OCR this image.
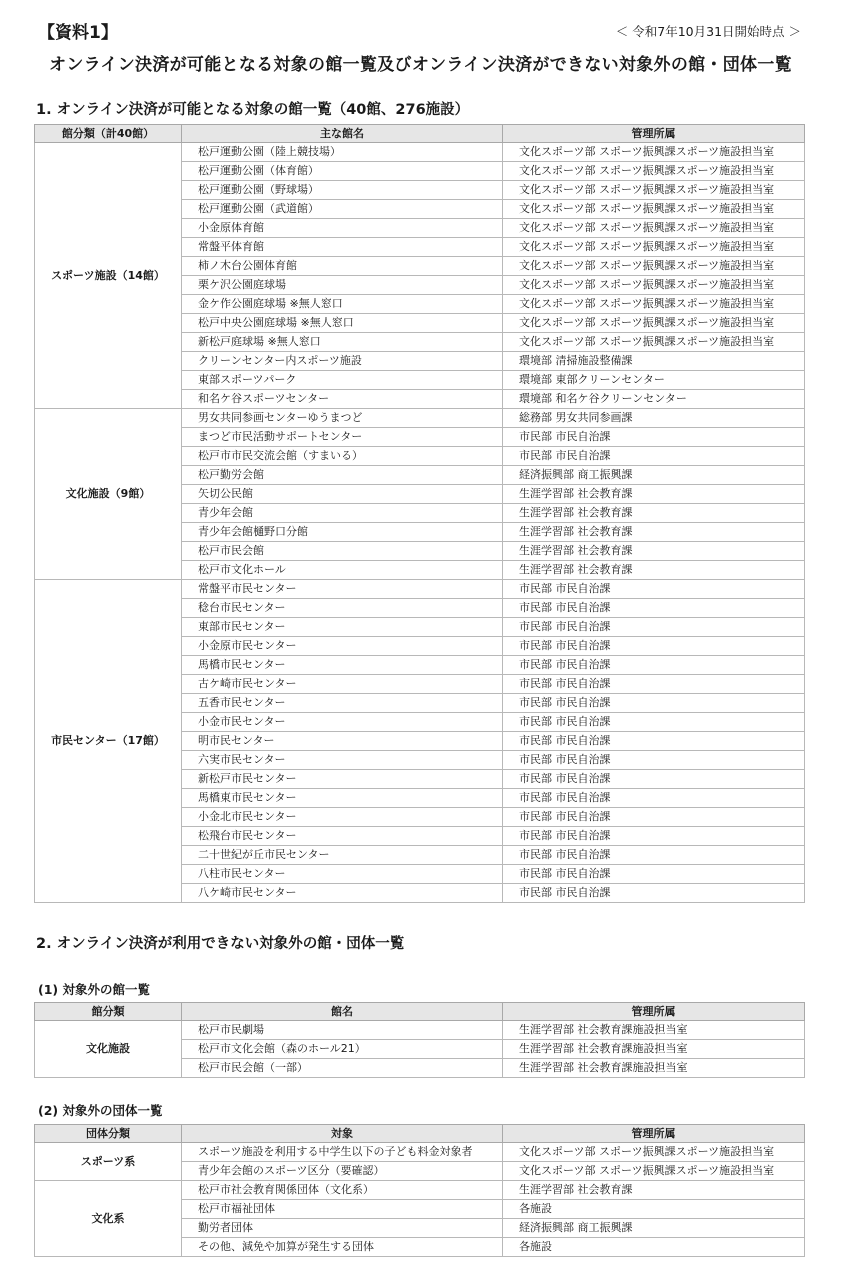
【資料1】	＜ 令和7年10月31日開始時点 ＞
オンライン決済が可能となる対象の館一覧及びオンライン決済ができない対象外の館・団体一覧
1. オンライン決済が可能となる対象の館一覧（40館、276施設）
館分類（計40館）	主な館名	管理所属
スポーツ施設（14館）	松戸運動公園（陸上競技場）	文化スポーツ部 スポーツ振興課スポーツ施設担当室
	松戸運動公園（体育館）	文化スポーツ部 スポーツ振興課スポーツ施設担当室
	松戸運動公園（野球場）	文化スポーツ部 スポーツ振興課スポーツ施設担当室
	松戸運動公園（武道館）	文化スポーツ部 スポーツ振興課スポーツ施設担当室
	小金原体育館	文化スポーツ部 スポーツ振興課スポーツ施設担当室
	常盤平体育館	文化スポーツ部 スポーツ振興課スポーツ施設担当室
	柿ノ木台公園体育館	文化スポーツ部 スポーツ振興課スポーツ施設担当室
	栗ケ沢公園庭球場	文化スポーツ部 スポーツ振興課スポーツ施設担当室
	金ケ作公園庭球場 ※無人窓口	文化スポーツ部 スポーツ振興課スポーツ施設担当室
	松戸中央公園庭球場 ※無人窓口	文化スポーツ部 スポーツ振興課スポーツ施設担当室
	新松戸庭球場 ※無人窓口	文化スポーツ部 スポーツ振興課スポーツ施設担当室
	クリーンセンター内スポーツ施設	環境部 清掃施設整備課
	東部スポーツパーク	環境部 東部クリーンセンター
	和名ケ谷スポーツセンター	環境部 和名ケ谷クリーンセンター
文化施設（9館）	男女共同参画センターゆうまつど	総務部 男女共同参画課
	まつど市民活動サポートセンター	市民部 市民自治課
	松戸市市民交流会館（すまいる）	市民部 市民自治課
	松戸勤労会館	経済振興部 商工振興課
	矢切公民館	生涯学習部 社会教育課
	青少年会館	生涯学習部 社会教育課
	青少年会館樋野口分館	生涯学習部 社会教育課
	松戸市民会館	生涯学習部 社会教育課
	松戸市文化ホール	生涯学習部 社会教育課
市民センター（17館）	常盤平市民センター	市民部 市民自治課
	稔台市民センター	市民部 市民自治課
	東部市民センター	市民部 市民自治課
	小金原市民センター	市民部 市民自治課
	馬橋市民センター	市民部 市民自治課
	古ケ崎市民センター	市民部 市民自治課
	五香市民センター	市民部 市民自治課
	小金市民センター	市民部 市民自治課
	明市民センター	市民部 市民自治課
	六実市民センター	市民部 市民自治課
	新松戸市民センター	市民部 市民自治課
	馬橋東市民センター	市民部 市民自治課
	小金北市民センター	市民部 市民自治課
	松飛台市民センター	市民部 市民自治課
	二十世紀が丘市民センター	市民部 市民自治課
	八柱市民センター	市民部 市民自治課
	八ケ崎市民センター	市民部 市民自治課
2. オンライン決済が利用できない対象外の館・団体一覧
(1) 対象外の館一覧
館分類	館名	管理所属
文化施設	松戸市民劇場	生涯学習部 社会教育課施設担当室
	松戸市文化会館（森のホール21）	生涯学習部 社会教育課施設担当室
	松戸市民会館（一部）	生涯学習部 社会教育課施設担当室
(2) 対象外の団体一覧
団体分類	対象	管理所属
スポーツ系	スポーツ施設を利用する中学生以下の子ども料金対象者	文化スポーツ部 スポーツ振興課スポーツ施設担当室
	青少年会館のスポーツ区分（要確認）	文化スポーツ部 スポーツ振興課スポーツ施設担当室
文化系	松戸市社会教育関係団体（文化系）	生涯学習部 社会教育課
	松戸市福祉団体	各施設
	勤労者団体	経済振興部 商工振興課
	その他、減免や加算が発生する団体	各施設
